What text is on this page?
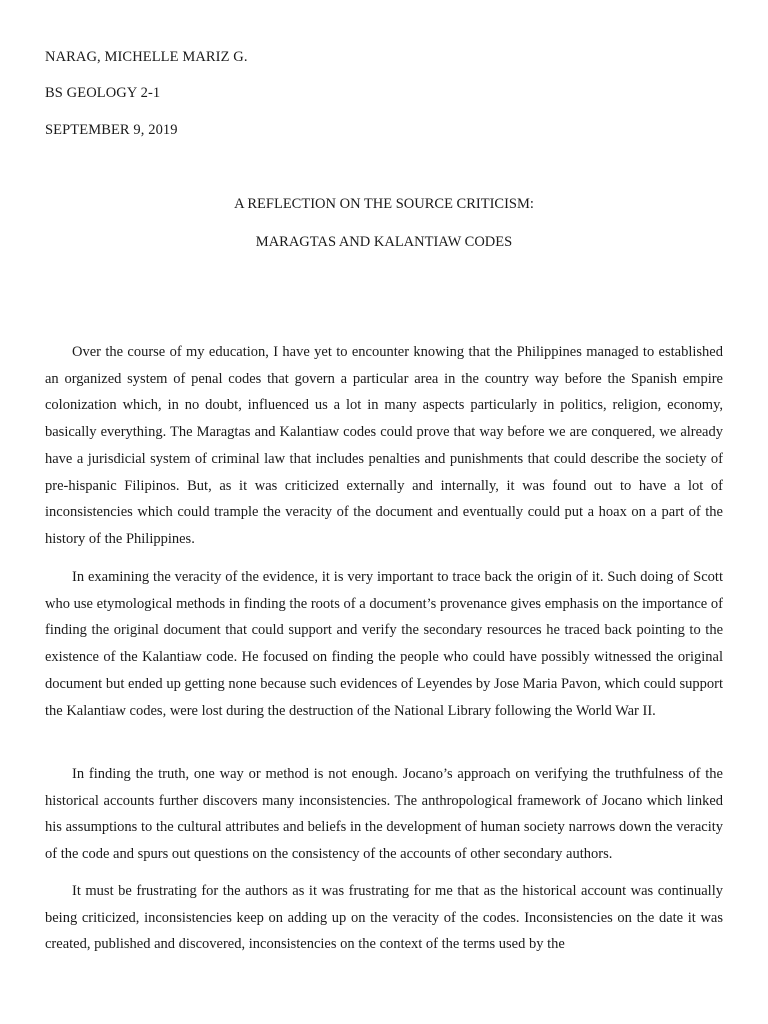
NARAG, MICHELLE MARIZ G.
BS GEOLOGY 2-1
SEPTEMBER 9, 2019
A REFLECTION ON THE SOURCE CRITICISM:
MARAGTAS AND KALANTIAW CODES

Over the course of my education, I have yet to encounter knowing that the Philippines managed to established an organized system of penal codes that govern a particular area in the country way before the Spanish empire colonization which, in no doubt, influenced us a lot in many aspects particularly in politics, religion, economy, basically everything. The Maragtas and Kalantiaw codes could prove that way before we are conquered, we already have a jurisdicial system of criminal law that includes penalties and punishments that could describe the society of pre-hispanic Filipinos. But, as it was criticized externally and internally, it was found out to have a lot of inconsistencies which could trample the veracity of the document and eventually could put a hoax on a part of the history of the Philippines.

In examining the veracity of the evidence, it is very important to trace back the origin of it. Such doing of Scott who use etymological methods in finding the roots of a document’s provenance gives emphasis on the importance of finding the original document that could support and verify the secondary resources he traced back pointing to the existence of the Kalantiaw code. He focused on finding the people who could have possibly witnessed the original document but ended up getting none because such evidences of Leyendes by Jose Maria Pavon, which could support the Kalantiaw codes, were lost during the destruction of the National Library following the World War II.

In finding the truth, one way or method is not enough. Jocano’s approach on verifying the truthfulness of the historical accounts further discovers many inconsistencies. The anthropological framework of Jocano which linked his assumptions to the cultural attributes and beliefs in the development of human society narrows down the veracity of the code and spurs out questions on the consistency of the accounts of other secondary authors.

It must be frustrating for the authors as it was frustrating for me that as the historical account was continually being criticized, inconsistencies keep on adding up on the veracity of the codes. Inconsistencies on the date it was created, published and discovered, inconsistencies on the context of the terms used by the
